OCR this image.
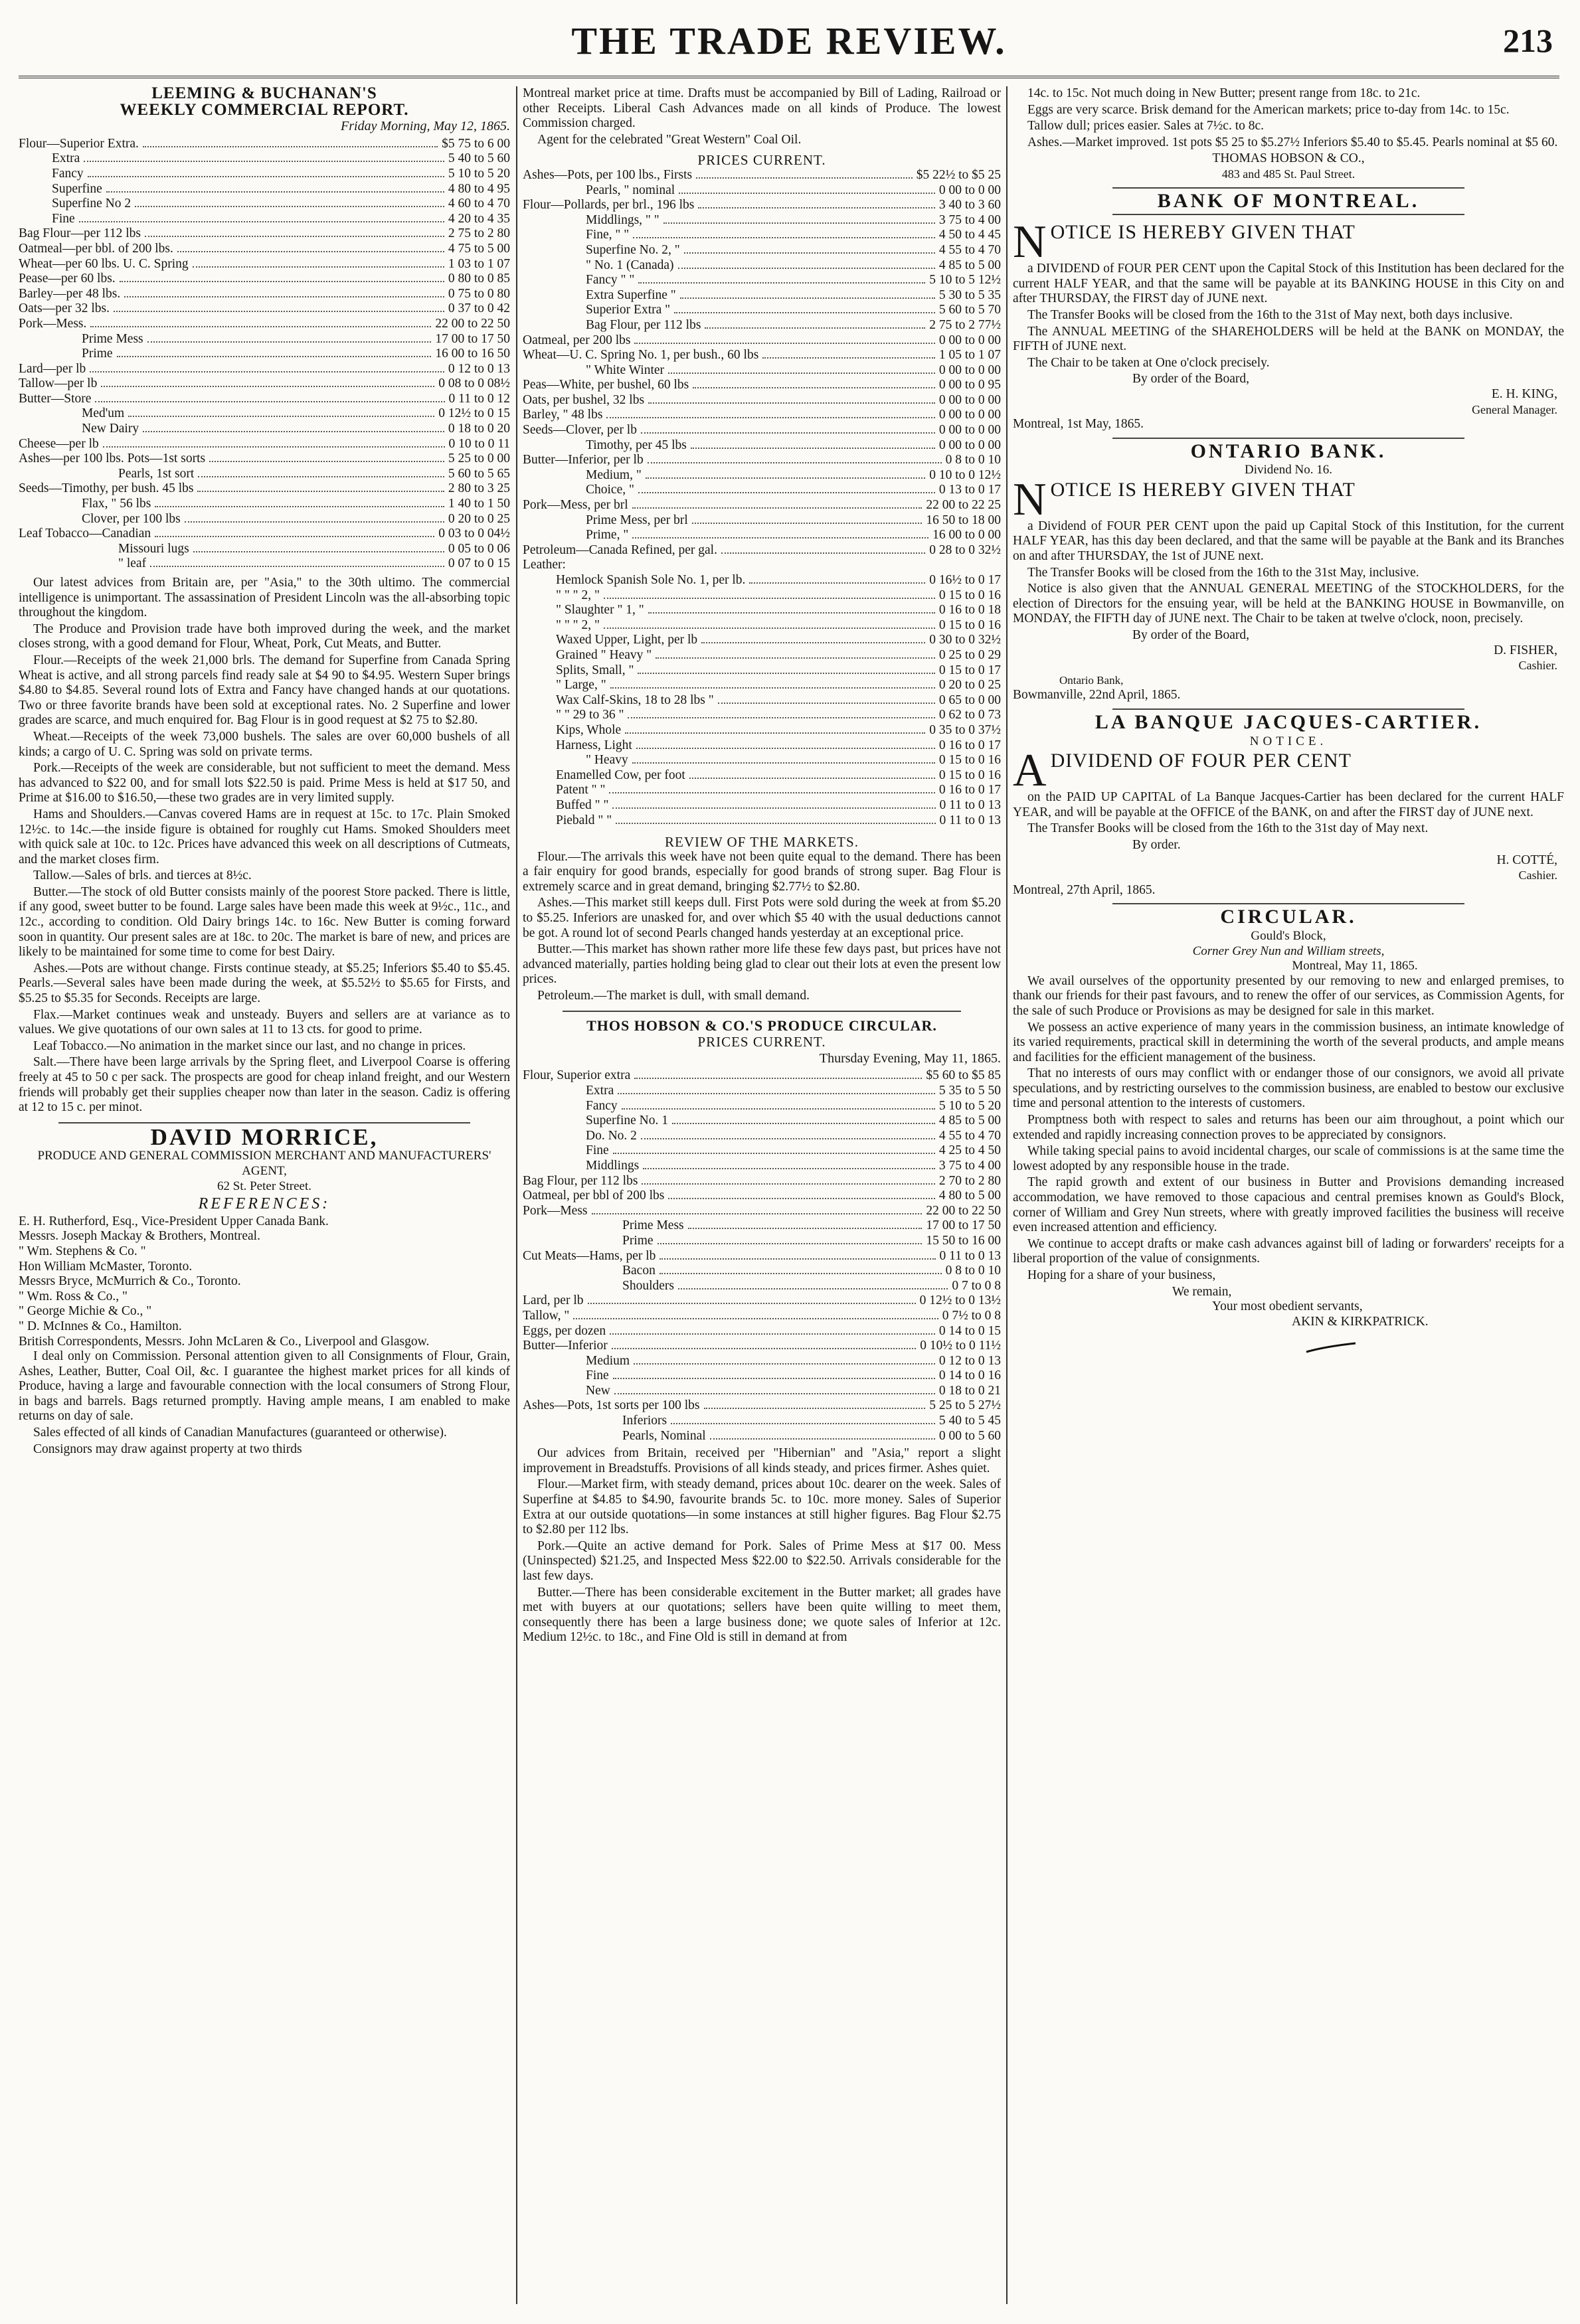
THE TRADE REVIEW.	213
LEEMING & BUCHANAN'S
WEEKLY COMMERCIAL REPORT.
Friday Morning, May 12, 1865.
Flour—Superior Extra.	$5 75 to 6 00
Extra	5 40 to 5 60
Fancy	5 10 to 5 20
Superfine	4 80 to 4 95
Superfine No 2	4 60 to 4 70
Fine	4 20 to 4 35
Bag Flour—per 112 lbs	2 75 to 2 80
Oatmeal—per bbl. of 200 lbs.	4 75 to 5 00
Wheat—per 60 lbs. U. C. Spring	1 03 to 1 07
Pease—per 60 lbs.	0 80 to 0 85
Barley—per 48 lbs.	0 75 to 0 80
Oats—per 32 lbs.	0 37 to 0 42
Pork—Mess.	22 00 to 22 50
Prime Mess	17 00 to 17 50
Prime	16 00 to 16 50
Lard—per lb	0 12 to 0 13
Tallow—per lb	0 08 to 0 08½
Butter—Store	0 11 to 0 12
Med'um	0 12½ to 0 15
New Dairy	0 18 to 0 20
Cheese—per lb	0 10 to 0 11
Ashes—per 100 lbs. Pots—1st sorts	5 25 to 0 00
Pearls, 1st sort	5 60 to 5 65
Seeds—Timothy, per bush. 45 lbs	2 80 to 3 25
Flax, " 56 lbs	1 40 to 1 50
Clover, per 100 lbs	0 20 to 0 25
Leaf Tobacco—Canadian	0 03 to 0 04½
Missouri lugs	0 05 to 0 06
" leaf	0 07 to 0 15

Our latest advices from Britain are, per "Asia," to the 30th ultimo. The commercial intelligence is unimportant. The assassination of President Lincoln was the all-absorbing topic throughout the kingdom.

The Produce and Provision trade have both improved during the week, and the market closes strong, with a good demand for Flour, Wheat, Pork, Cut Meats, and Butter.

Flour.—Receipts of the week 21,000 brls. The demand for Superfine from Canada Spring Wheat is active, and all strong parcels find ready sale at $4 90 to $4.95. Western Super brings $4.80 to $4.85. Several round lots of Extra and Fancy have changed hands at our quotations. Two or three favorite brands have been sold at exceptional rates. No. 2 Superfine and lower grades are scarce, and much enquired for. Bag Flour is in good request at $2 75 to $2.80.

Wheat.—Receipts of the week 73,000 bushels. The sales are over 60,000 bushels of all kinds; a cargo of U. C. Spring was sold on private terms.

Pork.—Receipts of the week are considerable, but not sufficient to meet the demand. Mess has advanced to $22 00, and for small lots $22.50 is paid. Prime Mess is held at $17 50, and Prime at $16.00 to $16.50,—these two grades are in very limited supply.

Hams and Shoulders.—Canvas covered Hams are in request at 15c. to 17c. Plain Smoked 12½c. to 14c.—the inside figure is obtained for roughly cut Hams. Smoked Shoulders meet with quick sale at 10c. to 12c. Prices have advanced this week on all descriptions of Cutmeats, and the market closes firm.

Tallow.—Sales of brls. and tierces at 8½c.

Butter.—The stock of old Butter consists mainly of the poorest Store packed. There is little, if any good, sweet butter to be found. Large sales have been made this week at 9½c., 11c., and 12c., according to condition. Old Dairy brings 14c. to 16c. New Butter is coming forward soon in quantity. Our present sales are at 18c. to 20c. The market is bare of new, and prices are likely to be maintained for some time to come for best Dairy.

Ashes.—Pots are without change. Firsts continue steady, at $5.25; Inferiors $5.40 to $5.45. Pearls.—Several sales have been made during the week, at $5.52½ to $5.65 for Firsts, and $5.25 to $5.35 for Seconds. Receipts are large.

Flax.—Market continues weak and unsteady. Buyers and sellers are at variance as to values. We give quotations of our own sales at 11 to 13 cts. for good to prime.

Leaf Tobacco.—No animation in the market since our last, and no change in prices.

Salt.—There have been large arrivals by the Spring fleet, and Liverpool Coarse is offering freely at 45 to 50 c per sack. The prospects are good for cheap inland freight, and our Western friends will probably get their supplies cheaper now than later in the season. Cadiz is offering at 12 to 15 c. per minot.

DAVID MORRICE,
PRODUCE AND GENERAL COMMISSION MERCHANT AND MANUFACTURERS' AGENT,
62 St. Peter Street.
REFERENCES:

E. H. Rutherford, Esq., Vice-President Upper Canada Bank.

Messrs. Joseph Mackay & Brothers, Montreal.

" Wm. Stephens & Co. "

Hon William McMaster, Toronto.

Messrs Bryce, McMurrich & Co., Toronto.

" Wm. Ross & Co., "

" George Michie & Co., "

" D. McInnes & Co., Hamilton.

British Correspondents, Messrs. John McLaren & Co., Liverpool and Glasgow.

I deal only on Commission. Personal attention given to all Consignments of Flour, Grain, Ashes, Leather, Butter, Coal Oil, &c. I guarantee the highest market prices for all kinds of Produce, having a large and favourable connection with the local consumers of Strong Flour, in bags and barrels. Bags returned promptly. Having ample means, I am enabled to make returns on day of sale.

Sales effected of all kinds of Canadian Manufactures (guaranteed or otherwise).

Consignors may draw against property at two thirds

Montreal market price at time. Drafts must be accompanied by Bill of Lading, Railroad or other Receipts. Liberal Cash Advances made on all kinds of Produce. The lowest Commission charged.

Agent for the celebrated "Great Western" Coal Oil.

PRICES CURRENT.
Ashes—Pots, per 100 lbs., Firsts	$5 22½ to $5 25
Pearls, " nominal	0 00 to 0 00
Flour—Pollards, per brl., 196 lbs	3 40 to 3 60
Middlings, " "	3 75 to 4 00
Fine, " "	4 50 to 4 45
Superfine No. 2, "	4 55 to 4 70
" No. 1 (Canada)	4 85 to 5 00
Fancy " "	5 10 to 5 12½
Extra Superfine "	5 30 to 5 35
Superior Extra "	5 60 to 5 70
Bag Flour, per 112 lbs	2 75 to 2 77½
Oatmeal, per 200 lbs	0 00 to 0 00
Wheat—U. C. Spring No. 1, per bush., 60 lbs	1 05 to 1 07
" White Winter	0 00 to 0 00
Peas—White, per bushel, 60 lbs	0 00 to 0 95
Oats, per bushel, 32 lbs	0 00 to 0 00
Barley, " 48 lbs	0 00 to 0 00
Seeds—Clover, per lb	0 00 to 0 00
Timothy, per 45 lbs	0 00 to 0 00
Butter—Inferior, per lb	0 8 to 0 10
Medium, "	0 10 to 0 12½
Choice, "	0 13 to 0 17
Pork—Mess, per brl	22 00 to 22 25
Prime Mess, per brl	16 50 to 18 00
Prime, "	16 00 to 0 00
Petroleum—Canada Refined, per gal.	0 28 to 0 32½
Leather:
Hemlock Spanish Sole No. 1, per lb.	0 16½ to 0 17
" " " 2, "	0 15 to 0 16
" Slaughter " 1, "	0 16 to 0 18
" " " 2, "	0 15 to 0 16
Waxed Upper, Light, per lb	0 30 to 0 32½
Grained " Heavy "	0 25 to 0 29
Splits, Small, "	0 15 to 0 17
" Large, "	0 20 to 0 25
Wax Calf-Skins, 18 to 28 lbs "	0 65 to 0 00
" " 29 to 36 "	0 62 to 0 73
Kips, Whole	0 35 to 0 37½
Harness, Light	0 16 to 0 17
" Heavy	0 15 to 0 16
Enamelled Cow, per foot	0 15 to 0 16
Patent " "	0 16 to 0 17
Buffed " "	0 11 to 0 13
Piebald " "	0 11 to 0 13
REVIEW OF THE MARKETS.

Flour.—The arrivals this week have not been quite equal to the demand. There has been a fair enquiry for good brands, especially for good brands of strong super. Bag Flour is extremely scarce and in great demand, bringing $2.77½ to $2.80.

Ashes.—This market still keeps dull. First Pots were sold during the week at from $5.20 to $5.25. Inferiors are unasked for, and over which $5 40 with the usual deductions cannot be got. A round lot of second Pearls changed hands yesterday at an exceptional price.

Butter.—This market has shown rather more life these few days past, but prices have not advanced materially, parties holding being glad to clear out their lots at even the present low prices.

Petroleum.—The market is dull, with small demand.

THOS HOBSON & CO.'S PRODUCE CIRCULAR.
PRICES CURRENT.
Thursday Evening, May 11, 1865.
Flour, Superior extra	$5 60 to $5 85
Extra	5 35 to 5 50
Fancy	5 10 to 5 20
Superfine No. 1	4 85 to 5 00
Do. No. 2	4 55 to 4 70
Fine	4 25 to 4 50
Middlings	3 75 to 4 00
Bag Flour, per 112 lbs	2 70 to 2 80
Oatmeal, per bbl of 200 lbs	4 80 to 5 00
Pork—Mess	22 00 to 22 50
Prime Mess	17 00 to 17 50
Prime	15 50 to 16 00
Cut Meats—Hams, per lb	0 11 to 0 13
Bacon	0 8 to 0 10
Shoulders	0 7 to 0 8
Lard, per lb	0 12½ to 0 13½
Tallow, "	0 7½ to 0 8
Eggs, per dozen	0 14 to 0 15
Butter—Inferior	0 10½ to 0 11½
Medium	0 12 to 0 13
Fine	0 14 to 0 16
New	0 18 to 0 21
Ashes—Pots, 1st sorts per 100 lbs	5 25 to 5 27½
Inferiors	5 40 to 5 45
Pearls, Nominal	0 00 to 5 60

Our advices from Britain, received per "Hibernian" and "Asia," report a slight improvement in Breadstuffs. Provisions of all kinds steady, and prices firmer. Ashes quiet.

Flour.—Market firm, with steady demand, prices about 10c. dearer on the week. Sales of Superfine at $4.85 to $4.90, favourite brands 5c. to 10c. more money. Sales of Superior Extra at our outside quotations—in some instances at still higher figures. Bag Flour $2.75 to $2.80 per 112 lbs.

Pork.—Quite an active demand for Pork. Sales of Prime Mess at $17 00. Mess (Uninspected) $21.25, and Inspected Mess $22.00 to $22.50. Arrivals considerable for the last few days.

Butter.—There has been considerable excitement in the Butter market; all grades have met with buyers at our quotations; sellers have been quite willing to meet them, consequently there has been a large business done; we quote sales of Inferior at 12c. Medium 12½c. to 18c., and Fine Old is still in demand at from

14c. to 15c. Not much doing in New Butter; present range from 18c. to 21c.

Eggs are very scarce. Brisk demand for the American markets; price to-day from 14c. to 15c.

Tallow dull; prices easier. Sales at 7½c. to 8c.

Ashes.—Market improved. 1st pots $5 25 to $5.27½ Inferiors $5.40 to $5.45. Pearls nominal at $5 60.

THOMAS HOBSON & CO.,
483 and 485 St. Paul Street.
BANK OF MONTREAL.
N OTICE IS HEREBY GIVEN THAT

a DIVIDEND of FOUR PER CENT upon the Capital Stock of this Institution has been declared for the current HALF YEAR, and that the same will be payable at its BANKING HOUSE in this City on and after THURSDAY, the FIRST day of JUNE next.

The Transfer Books will be closed from the 16th to the 31st of May next, both days inclusive.

The ANNUAL MEETING of the SHAREHOLDERS will be held at the BANK on MONDAY, the FIFTH of JUNE next.

The Chair to be taken at One o'clock precisely.

By order of the Board,

E. H. KING,

General Manager.

Montreal, 1st May, 1865.

ONTARIO BANK.
Dividend No. 16.
N OTICE IS HEREBY GIVEN THAT

a Dividend of FOUR PER CENT upon the paid up Capital Stock of this Institution, for the current HALF YEAR, has this day been declared, and that the same will be payable at the Bank and its Branches on and after THURSDAY, the 1st of JUNE next.

The Transfer Books will be closed from the 16th to the 31st May, inclusive.

Notice is also given that the ANNUAL GENERAL MEETING of the STOCKHOLDERS, for the election of Directors for the ensuing year, will be held at the BANKING HOUSE in Bowmanville, on MONDAY, the FIFTH day of JUNE next. The Chair to be taken at twelve o'clock, noon, precisely.

By order of the Board,

D. FISHER,

Cashier.

Ontario Bank,

Bowmanville, 22nd April, 1865.

LA BANQUE JACQUES-CARTIER.
NOTICE.
A DIVIDEND OF FOUR PER CENT

on the PAID UP CAPITAL of La Banque Jacques-Cartier has been declared for the current HALF YEAR, and will be payable at the OFFICE of the BANK, on and after the FIRST day of JUNE next.

The Transfer Books will be closed from the 16th to the 31st day of May next.

By order.

H. COTTÉ,

Cashier.

Montreal, 27th April, 1865.

CIRCULAR.
Gould's Block,
Corner Grey Nun and William streets,
Montreal, May 11, 1865.

We avail ourselves of the opportunity presented by our removing to new and enlarged premises, to thank our friends for their past favours, and to renew the offer of our services, as Commission Agents, for the sale of such Produce or Provisions as may be designed for sale in this market.

We possess an active experience of many years in the commission business, an intimate knowledge of its varied requirements, practical skill in determining the worth of the several products, and ample means and facilities for the efficient management of the business.

That no interests of ours may conflict with or endanger those of our consignors, we avoid all private speculations, and by restricting ourselves to the commission business, are enabled to bestow our exclusive time and personal attention to the interests of customers.

Promptness both with respect to sales and returns has been our aim throughout, a point which our extended and rapidly increasing connection proves to be appreciated by consignors.

While taking special pains to avoid incidental charges, our scale of commissions is at the same time the lowest adopted by any responsible house in the trade.

The rapid growth and extent of our business in Butter and Provisions demanding increased accommodation, we have removed to those capacious and central premises known as Gould's Block, corner of William and Grey Nun streets, where with greatly improved facilities the business will receive even increased attention and efficiency.

We continue to accept drafts or make cash advances against bill of lading or forwarders' receipts for a liberal proportion of the value of consignments.

Hoping for a share of your business,

We remain,

Your most obedient servants,

AKIN & KIRKPATRICK.
